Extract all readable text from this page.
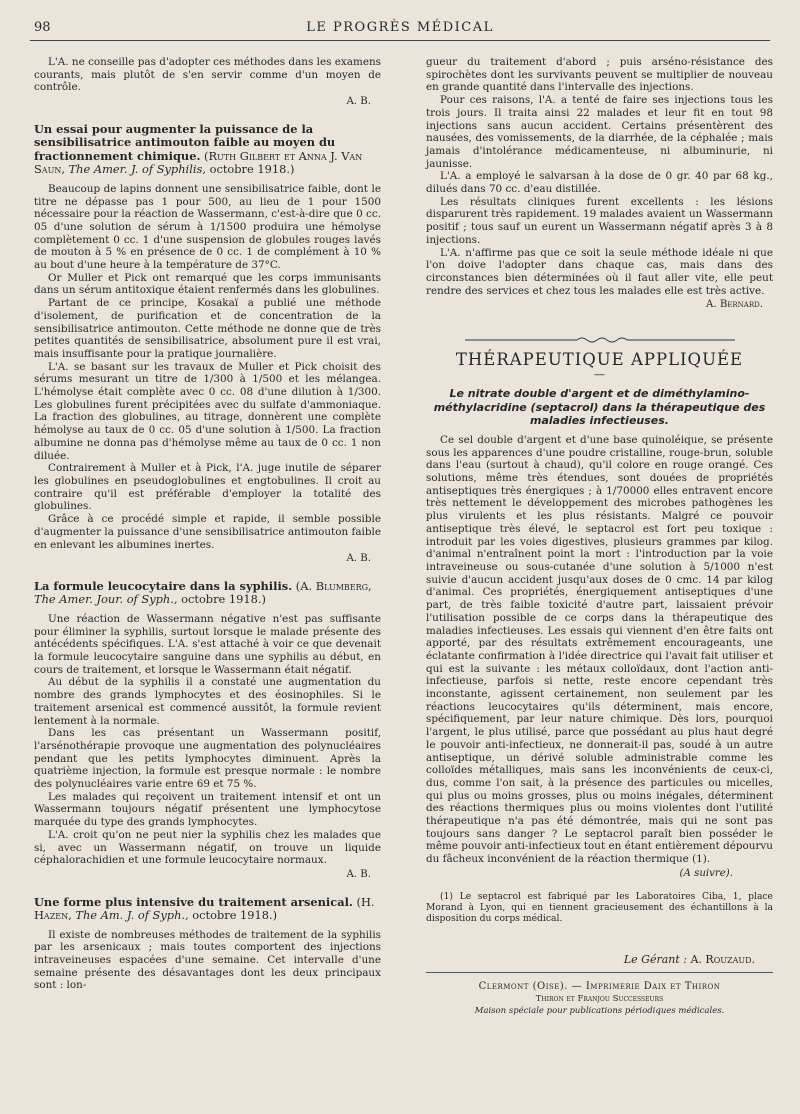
98	LE PROGRÈS MÉDICAL

L'A. ne conseille pas d'adopter ces méthodes dans les examens courants, mais plutôt de s'en servir comme d'un moyen de contrôle.

A. B.
Un essai pour augmenter la puissance de la sensibilisatrice antimouton faible au moyen du fractionnement chimique. (Ruth Gilbert et Anna J. Van Saun, The Amer. J. of Syphilis, octobre 1918.)

Beaucoup de lapins donnent une sensibilisatrice faible, dont le titre ne dépasse pas 1 pour 500, au lieu de 1 pour 1500 nécessaire pour la réaction de Wassermann, c'est-à-dire que 0 cc. 05 d'une solution de sérum à 1/1500 produira une hémolyse complètement 0 cc. 1 d'une suspension de globules rouges lavés de mouton à 5 % en présence de 0 cc. 1 de complément à 10 % au bout d'une heure à la température de 37°C.

Or Muller et Pick ont remarqué que les corps immunisants dans un sérum antitoxique étaient renfermés dans les globulines.

Partant de ce principe, Kosakaï a publié une méthode d'isolement, de purification et de concentration de la sensibilisatrice antimouton. Cette méthode ne donne que de très petites quantités de sensibilisatrice, absolument pure il est vrai, mais insuffisante pour la pratique journalière.

L'A. se basant sur les travaux de Muller et Pick choisit des sérums mesurant un titre de 1/300 à 1/500 et les mélangea. L'hémolyse était complète avec 0 cc. 08 d'une dilution à 1/300. Les globulines furent précipitées avec du sulfate d'ammoniaque. La fraction des globulines, au titrage, donnèrent une complète hémolyse au taux de 0 cc. 05 d'une solution à 1/500. La fraction albumine ne donna pas d'hémolyse même au taux de 0 cc. 1 non diluée.

Contrairement à Muller et à Pick, l'A. juge inutile de séparer les globulines en pseudoglobulines et engtobulines. Il croit au contraire qu'il est préférable d'employer la totalité des globulines.

Grâce à ce procédé simple et rapide, il semble possible d'augmenter la puissance d'une sensibilisatrice antimouton faible en enlevant les albumines inertes.

A. B.
La formule leucocytaire dans la syphilis. (A. Blumberg, The Amer. Jour. of Syph., octobre 1918.)

Une réaction de Wassermann négative n'est pas suffisante pour éliminer la syphilis, surtout lorsque le malade présente des antécédents spécifiques. L'A. s'est attaché à voir ce que devenait la formule leucocytaire sanguine dans une syphilis au début, en cours de traitement, et lorsque le Wassermann était négatif.

Au début de la syphilis il a constaté une augmentation du nombre des grands lymphocytes et des éosinophiles. Si le traitement arsenical est commencé aussitôt, la formule revient lentement à la normale.

Dans les cas présentant un Wassermann positif, l'arsénothérapie provoque une augmentation des polynucléaires pendant que les petits lymphocytes diminuent. Après la quatrième injection, la formule est presque normale : le nombre des polynucléaires varie entre 69 et 75 %.

Les malades qui reçoivent un traitement intensif et ont un Wassermann toujours négatif présentent une lymphocytose marquée du type des grands lymphocytes.

L'A. croit qu'on ne peut nier la syphilis chez les malades que si, avec un Wassermann négatif, on trouve un liquide céphalorachidien et une formule leucocytaire normaux.

A. B.
Une forme plus intensive du traitement arsenical. (H. Hazen, The Am. J. of Syph., octobre 1918.)

Il existe de nombreuses méthodes de traitement de la syphilis par les arsenicaux ; mais toutes comportent des injections intraveineuses espacées d'une semaine. Cet intervalle d'une semaine présente des désavantages dont les deux principaux sont : lon-

gueur du traitement d'abord ; puis arséno-résistance des spirochètes dont les survivants peuvent se multiplier de nouveau en grande quantité dans l'intervalle des injections.

Pour ces raisons, l'A. a tenté de faire ses injections tous les trois jours. Il traita ainsi 22 malades et leur fit en tout 98 injections sans aucun accident. Certains présentèrent des nausées, des vomissements, de la diarrhée, de la céphalée ; mais jamais d'intolérance médicamenteuse, ni albuminurie, ni jaunisse.

L'A. a employé le salvarsan à la dose de 0 gr. 40 par 68 kg., dilués dans 70 cc. d'eau distillée.

Les résultats cliniques furent excellents : les lésions disparurent très rapidement. 19 malades avaient un Wassermann positif ; tous sauf un eurent un Wassermann négatif après 3 à 8 injections.

L'A. n'affirme pas que ce soit la seule méthode idéale ni que l'on doive l'adopter dans chaque cas, mais dans des circonstances bien déterminées où il faut aller vite, elle peut rendre des services et chez tous les malades elle est très active.

A. Bernard.
THÉRAPEUTIQUE APPLIQUÉE
—
Le nitrate double d'argent et de diméthylamino-méthylacridine (septacrol) dans la thérapeutique des maladies infectieuses.

Ce sel double d'argent et d'une base quinoléique, se présente sous les apparences d'une poudre cristalline, rouge-brun, soluble dans l'eau (surtout à chaud), qu'il colore en rouge orangé. Ces solutions, même très étendues, sont douées de propriétés antiseptiques très énergiques ; à 1/70000 elles entravent encore très nettement le développement des microbes pathogènes les plus virulents et les plus résistants. Malgré ce pouvoir antiseptique très élevé, le septacrol est fort peu toxique : introduit par les voies digestives, plusieurs grammes par kilog. d'animal n'entraînent point la mort : l'introduction par la voie intraveineuse ou sous-cutanée d'une solution à 5/1000 n'est suivie d'aucun accident jusqu'aux doses de 0 cmc. 14 par kilog d'animal. Ces propriétés, énergiquement antiseptiques d'une part, de très faible toxicité d'autre part, laissaient prévoir l'utilisation possible de ce corps dans la thérapeutique des maladies infectieuses. Les essais qui viennent d'en être faits ont apporté, par des résultats extrêmement encourageants, une éclatante confirmation à l'idée directrice qui l'avait fait utiliser et qui est la suivante : les métaux colloïdaux, dont l'action anti-infectieuse, parfois si nette, reste encore cependant très inconstante, agissent certainement, non seulement par les réactions leucocytaires qu'ils déterminent, mais encore, spécifiquement, par leur nature chimique. Dès lors, pourquoi l'argent, le plus utilisé, parce que possédant au plus haut degré le pouvoir anti-infectieux, ne donnerait-il pas, soudé à un autre antiseptique, un dérivé soluble administrable comme les colloïdes métalliques, mais sans les inconvénients de ceux-ci, dus, comme l'on sait, à la présence des particules ou micelles, qui plus ou moins grosses, plus ou moins inégales, déterminent des réactions thermiques plus ou moins violentes dont l'utilité thérapeutique n'a pas été démontrée, mais qui ne sont pas toujours sans danger ? Le septacrol paraît bien posséder le même pouvoir anti-infectieux tout en étant entièrement dépourvu du fâcheux inconvénient de la réaction thermique (1).

(A suivre).
(1) Le septacrol est fabriqué par les Laboratoires Ciba, 1, place Morand à Lyon, qui en tiennent gracieusement des échantillons à la disposition du corps médical.
Le Gérant : A. Rouzaud.
Clermont (Oise). — Imprimerie Daix et Thiron
Thiron et Franjou Successeurs
Maison spéciale pour publications périodiques médicales.
